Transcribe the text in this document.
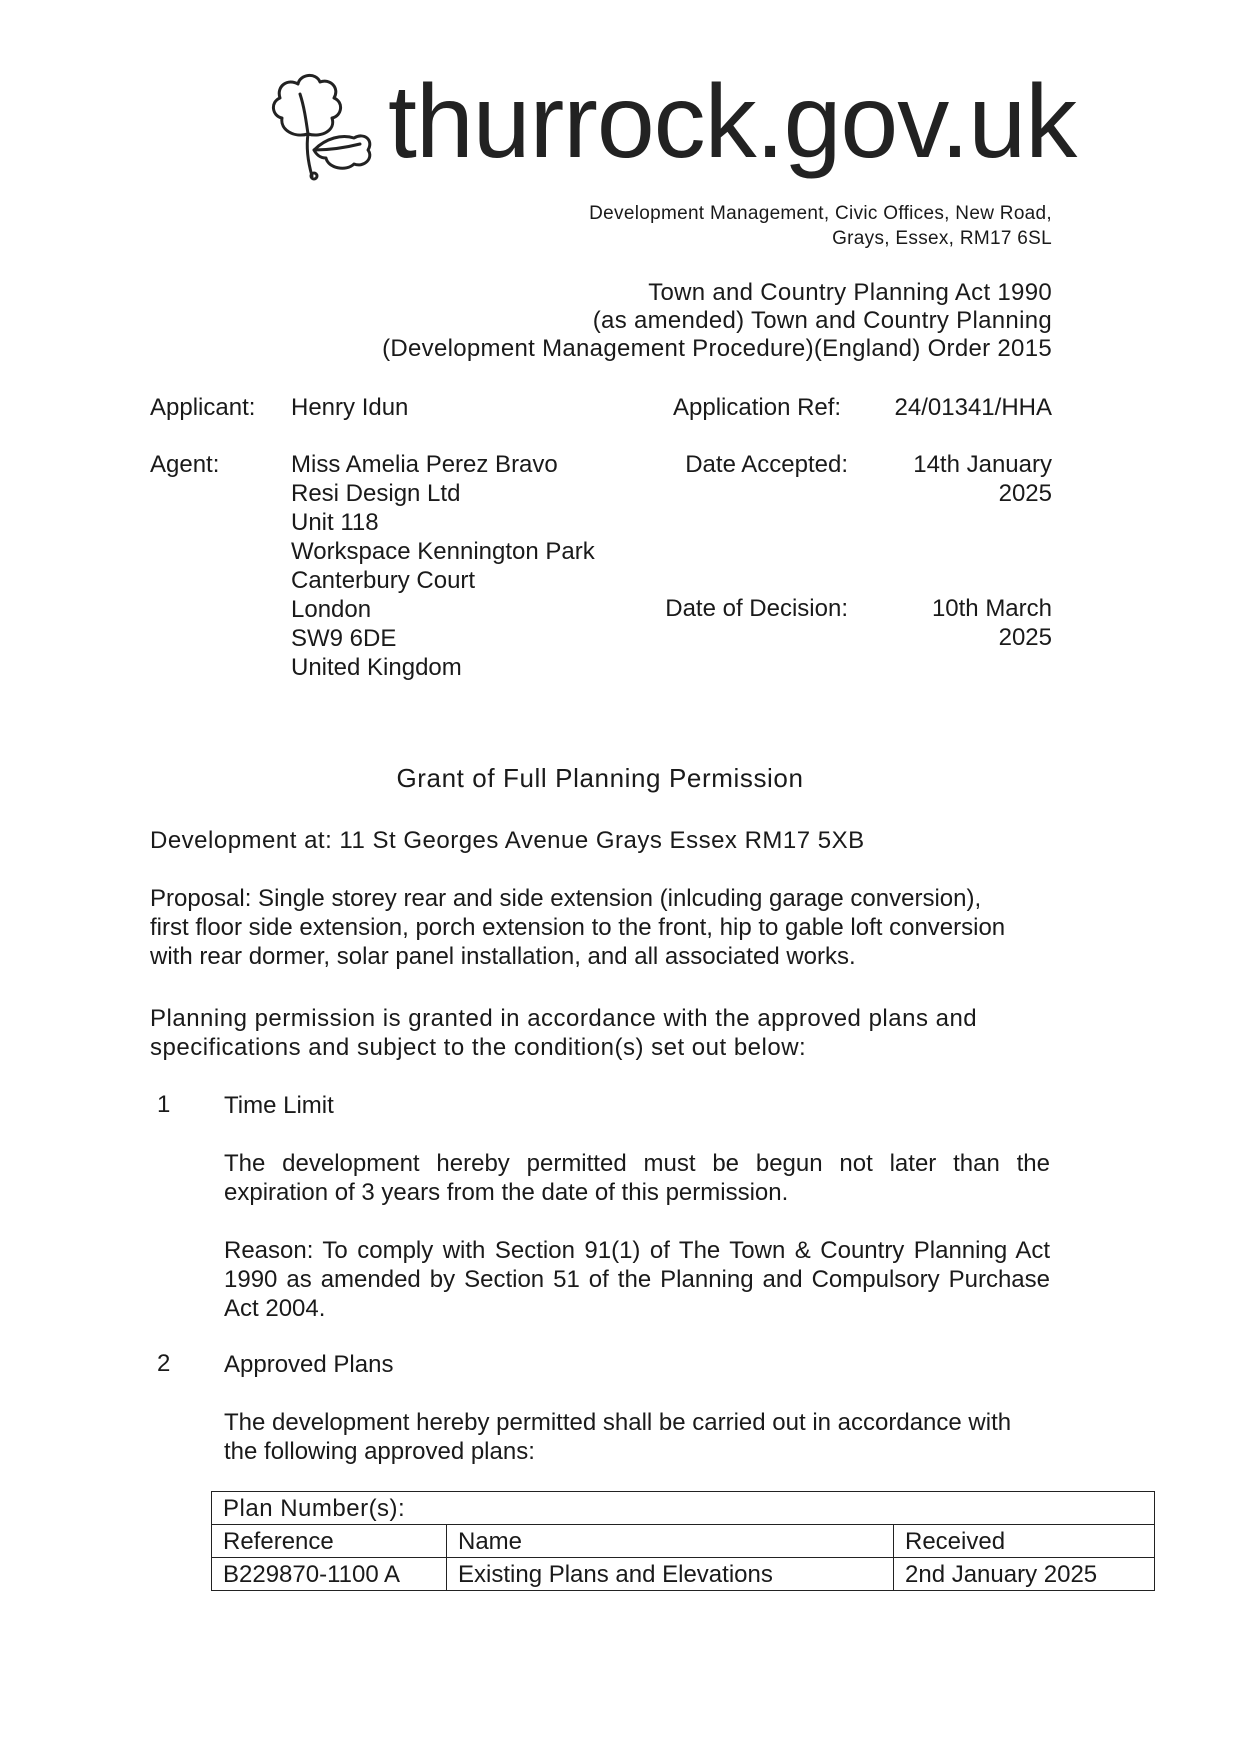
thurrock.gov.uk
Development Management, Civic Offices, New Road,
Grays, Essex, RM17 6SL
Town and Country Planning Act 1990
(as amended) Town and Country Planning
(Development Management Procedure)(England) Order 2015
Applicant: Henry Idun	Application Ref: 24/01341/HHA
Agent:	Miss Amelia Perez Bravo
Resi Design Ltd
Unit 118
Workspace Kennington Park
Canterbury Court
London
SW9 6DE
United Kingdom
Date Accepted:	14th January
2025
Date of Decision:	10th March
2025
Grant of Full Planning Permission
Development at: 11 St Georges Avenue Grays Essex RM17 5XB
Proposal: Single storey rear and side extension (inlcuding garage conversion),
first floor side extension, porch extension to the front, hip to gable loft conversion
with rear dormer, solar panel installation, and all associated works.
Planning permission is granted in accordance with the approved plans and
specifications and subject to the condition(s) set out below:
1 Time Limit
The development hereby permitted must be begun not later than the expiration of 3 years from the date of this permission.
Reason: To comply with Section 91(1) of The Town & Country Planning Act 1990 as amended by Section 51 of the Planning and Compulsory Purchase Act 2004.
2 Approved Plans
The development hereby permitted shall be carried out in accordance with the following approved plans:
Plan Number(s):		
Reference	Name	Received
B229870-1100 A	Existing Plans and Elevations	2nd January 2025
